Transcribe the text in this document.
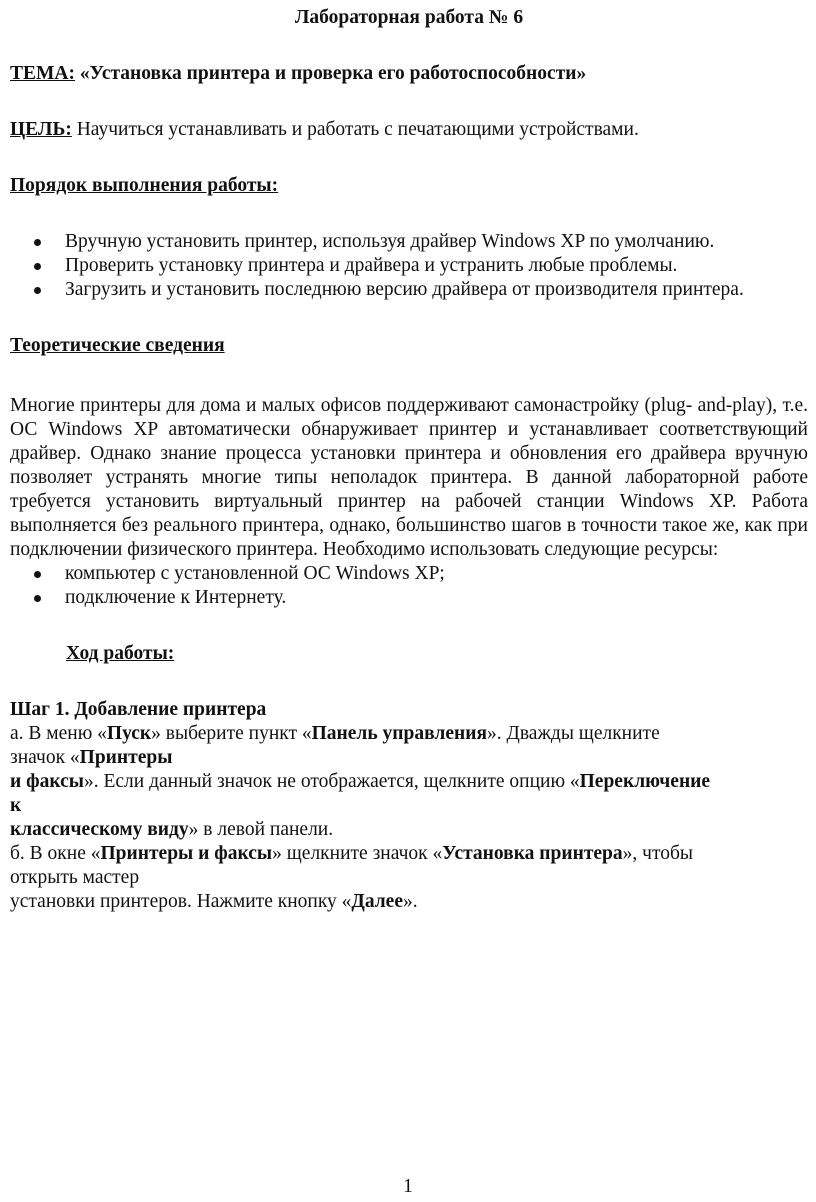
Лабораторная работа № 6

ТЕМА: «Установка принтера и проверка его работоспособности»

ЦЕЛЬ: Научиться устанавливать и работать с печатающими устройствами.

Порядок выполнения работы:

Вручную установить принтер, используя драйвер Windows XP по умолчанию.
Проверить установку принтера и драйвера и устранить любые проблемы.
Загрузить и установить последнюю версию драйвера от производителя принтера.

Теоретические сведения

Многие принтеры для дома и малых офисов поддерживают самонастройку (plug- and-play), т.е. ОС Windows XP автоматически обнаруживает принтер и устанавливает соответствующий драйвер. Однако знание процесса установки принтера и обновления его драйвера вручную позволяет устранять многие типы неполадок принтера. В данной лабораторной работе требуется установить виртуальный принтер на рабочей станции Windows XP. Работа выполняется без реального принтера, однако, большинство шагов в точности такое же, как при подключении физического принтера. Необходимо использовать следующие ресурсы:

компьютер с установленной ОС Windows XP;
подключение к Интернету.

Ход работы:

Шаг 1. Добавление принтера

а. В меню «Пуск» выберите пункт «Панель управления». Дважды щелкните

значок «Принтеры

и факсы». Если данный значок не отображается, щелкните опцию «Переключение

к

классическому виду» в левой панели.

б. В окне «Принтеры и факсы» щелкните значок «Установка принтера», чтобы

открыть мастер

установки принтеров. Нажмите кнопку «Далее».

1
